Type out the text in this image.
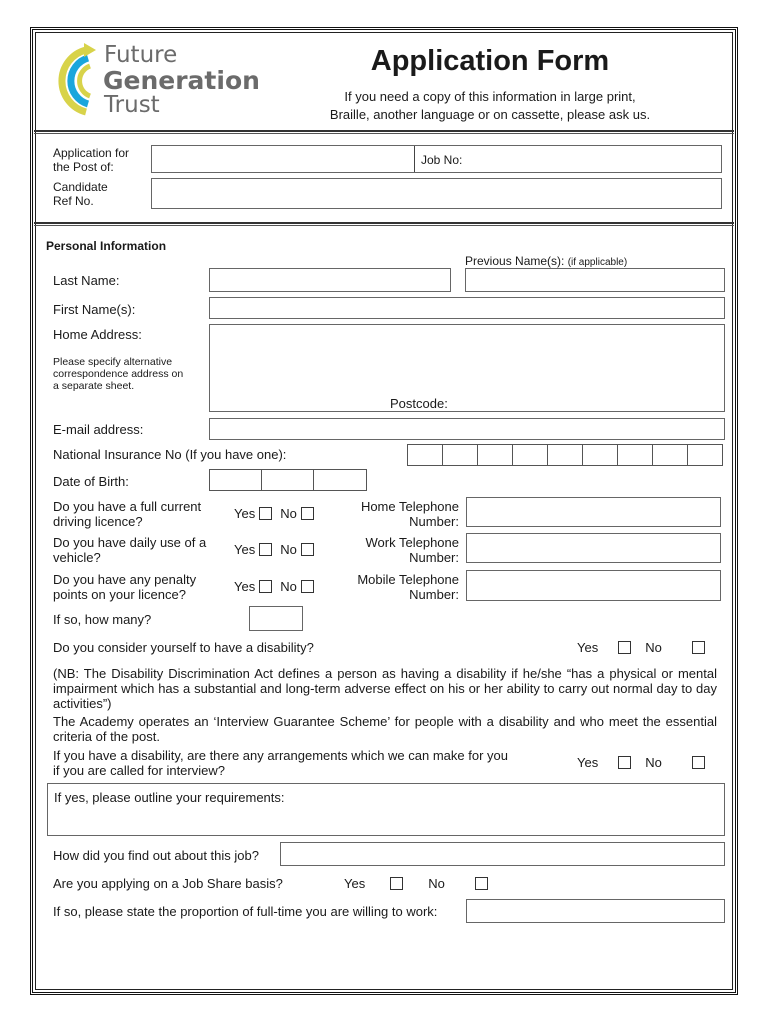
Future
Generation
Trust
Application Form
If you need a copy of this information in large print,
Braille, another language or on cassette, please ask us.
Application for
the Post of:	Job No:
Candidate
Ref No.
Personal Information
Previous Name(s): (if applicable)
Last Name:
First Name(s):
Home Address:
Please specify alternative
correspondence address on
a separate sheet.
Postcode:
E-mail address:
National Insurance No (If you have one):
Date of Birth:
Do you have a full current
driving licence?
Yes No	Home Telephone
Number:
Do you have daily use of a
vehicle?
Yes No	Work Telephone
Number:
Do you have any penalty
points on your licence?
Yes No	Mobile Telephone
Number:
If so, how many?
Do you consider yourself to have a disability?	Yes	No
(NB: The Disability Discrimination Act defines a person as having a disability if he/she “has a physical or mental impairment which has a substantial and long-term adverse effect on his or her ability to carry out normal day to day activities”)
The Academy operates an ‘Interview Guarantee Scheme’ for people with a disability and who meet the essential criteria of the post.
If you have a disability, are there any arrangements which we can make for you
if you are called for interview?
Yes	No
If yes, please outline your requirements:
How did you find out about this job?
Are you applying on a Job Share basis?	Yes	No
If so, please state the proportion of full-time you are willing to work:
